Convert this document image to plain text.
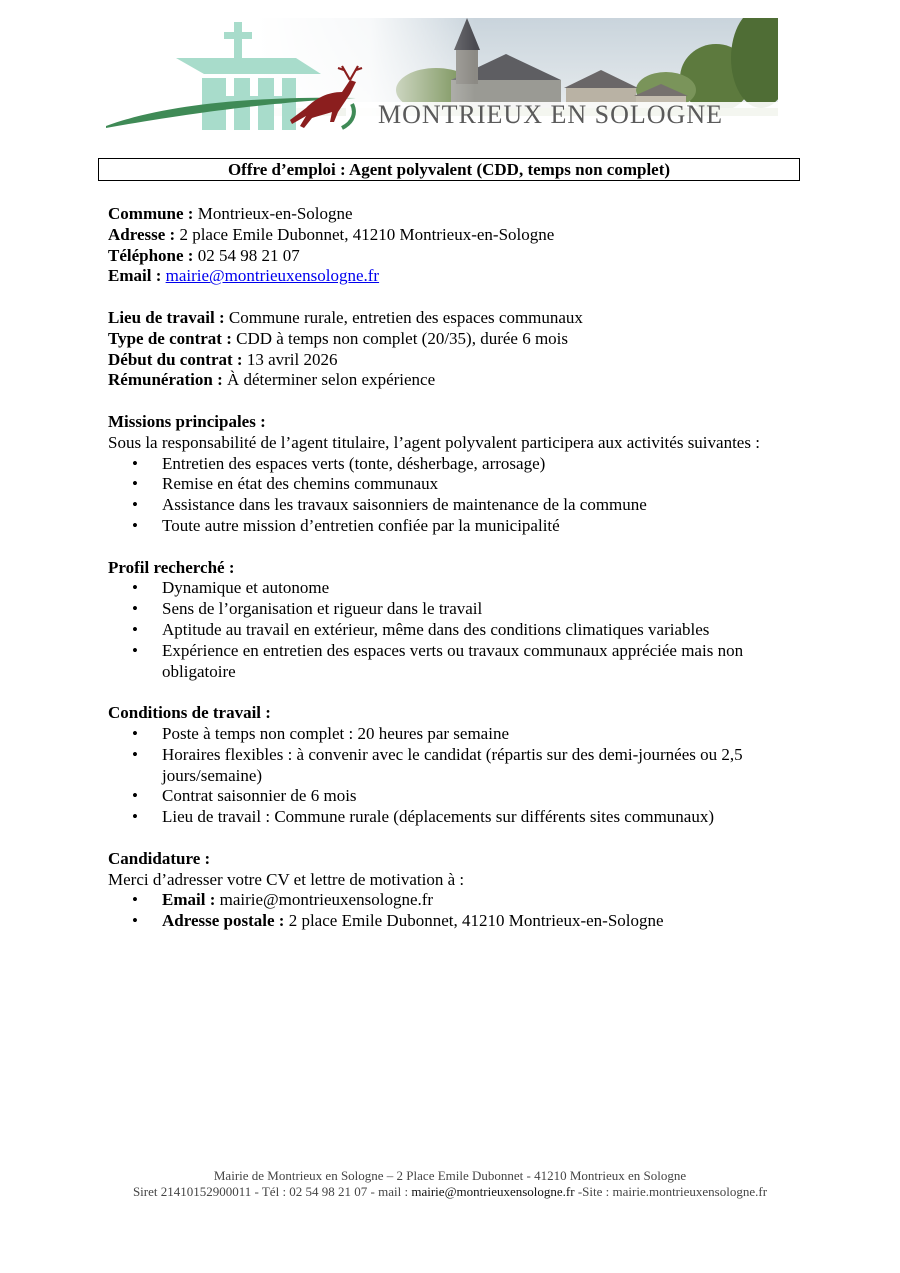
MONTRIEUX EN SOLOGNE
Offre d’emploi : Agent polyvalent (CDD, temps non complet)

Commune : Montrieux-en-Sologne

Adresse : 2 place Emile Dubonnet, 41210 Montrieux-en-Sologne

Téléphone : 02 54 98 21 07

Email : mairie@montrieuxensologne.fr

Lieu de travail : Commune rurale, entretien des espaces communaux

Type de contrat : CDD à temps non complet (20/35), durée 6 mois

Début du contrat : 13 avril 2026

Rémunération : À déterminer selon expérience

Missions principales :

Sous la responsabilité de l’agent titulaire, l’agent polyvalent participera aux activités suivantes :

• Entretien des espaces verts (tonte, désherbage, arrosage)
• Remise en état des chemins communaux
• Assistance dans les travaux saisonniers de maintenance de la commune
• Toute autre mission d’entretien confiée par la municipalité

Profil recherché :

• Dynamique et autonome
• Sens de l’organisation et rigueur dans le travail
• Aptitude au travail en extérieur, même dans des conditions climatiques variables
• Expérience en entretien des espaces verts ou travaux communaux appréciée mais non obligatoire

Conditions de travail :

• Poste à temps non complet : 20 heures par semaine
• Horaires flexibles : à convenir avec le candidat (répartis sur des demi-journées ou 2,5 jours/semaine)
• Contrat saisonnier de 6 mois
• Lieu de travail : Commune rurale (déplacements sur différents sites communaux)

Candidature :

Merci d’adresser votre CV et lettre de motivation à :

• Email : mairie@montrieuxensologne.fr
• Adresse postale : 2 place Emile Dubonnet, 41210 Montrieux-en-Sologne
Mairie de Montrieux en Sologne – 2 Place Emile Dubonnet - 41210 Montrieux en Sologne
Siret 21410152900011 - Tél : 02 54 98 21 07 - mail : mairie@montrieuxensologne.fr -Site : mairie.montrieuxensologne.fr
